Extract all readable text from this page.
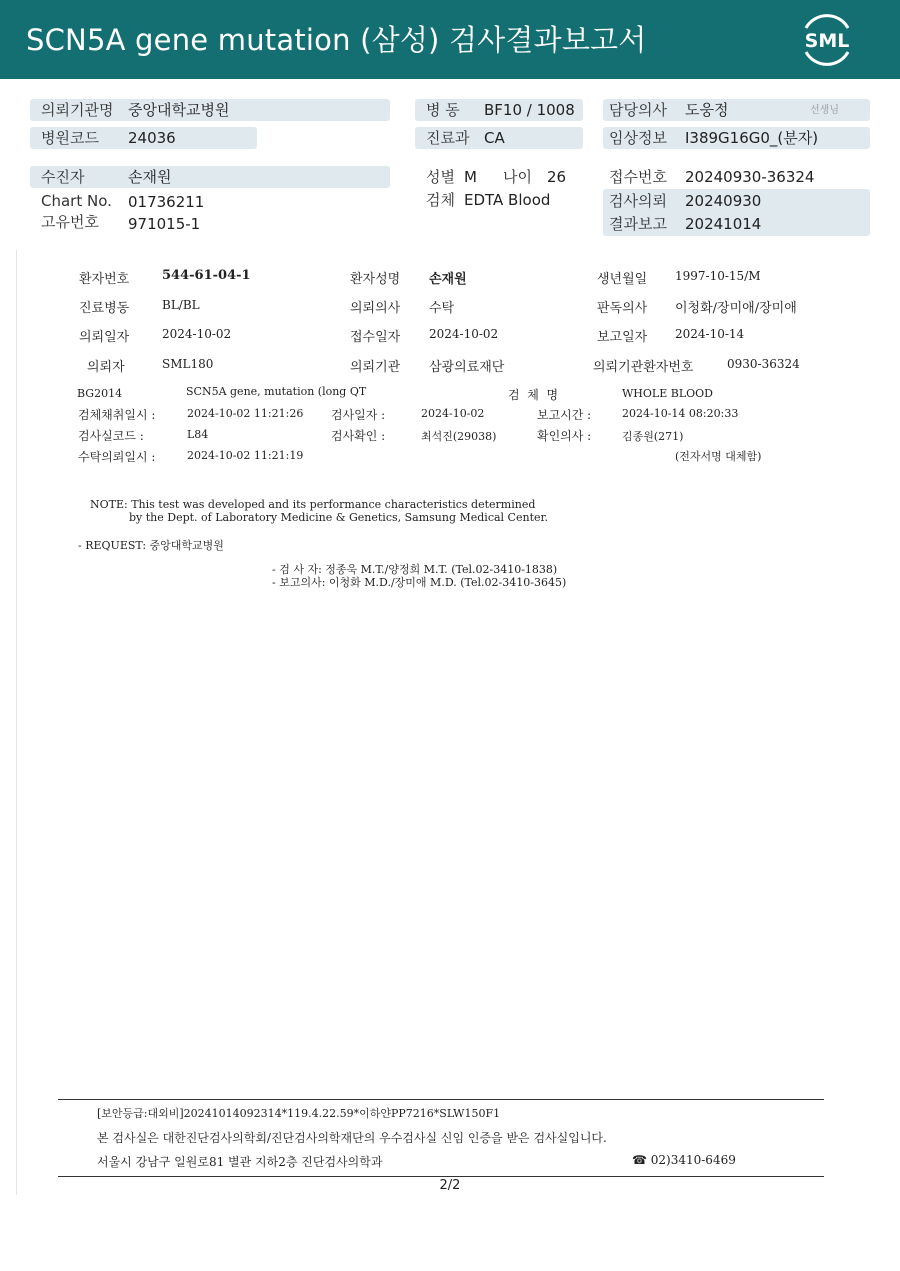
SCN5A gene mutation (삼성) 검사결과보고서	SML
의뢰기관명 중앙대학교병원
병원코드 24036
병 동 BF10 / 1008
진료과 CA
담당의사 도웅정	선생님
임상정보 I389G16G0_(분자)
수진자	손재원
Chart No. 01736211
고유번호 971015-1
성별 M 나이 26
검체 EDTA Blood
접수번호 20240930-36324
검사의뢰 20240930
결과보고 20241014
환자번호	544-61-04-1	환자성명 손재원	생년월일 1997-10-15/M
진료병동	BL/BL	의뢰의사 수탁	판독의사 이청화/장미애/장미애
의뢰일자	2024-10-02	접수일자 2024-10-02	보고일자 2024-10-14
의뢰자	SML180	의뢰기관 삼광의료재단	의뢰기관환자번호	0930-36324
BG2014	SCN5A gene, mutation (long QT	검  체  명	WHOLE BLOOD
검체채취일시 :	2024-10-02 11:21:26 검사일자 :	2024-10-02	보고시간 :	2024-10-14 08:20:33
검사실코드 :	L84	검사확인 :	최석진(29038)	확인의사 :	김종원(271)
수탁의뢰일시 :	2024-10-02 11:21:19	(전자서명 대체함)
NOTE: This test was developed and its performance characteristics determined
by the Dept. of Laboratory Medicine & Genetics, Samsung Medical Center.
- REQUEST: 중앙대학교병원
- 검 사 자: 정종욱 M.T./양정희 M.T. (Tel.02-3410-1838)
- 보고의사: 이청화 M.D./장미애 M.D. (Tel.02-3410-3645)
[보안등급:대외비]20241014092314*119.4.22.59*이하얀PP7216*SLW150F1
본 검사실은 대한진단검사의학회/진단검사의학재단의 우수검사실 신임 인증을 받은 검사실입니다.
서울시 강남구 일원로81 별관 지하2층 진단검사의학과	☎ 02)3410-6469
2/2
